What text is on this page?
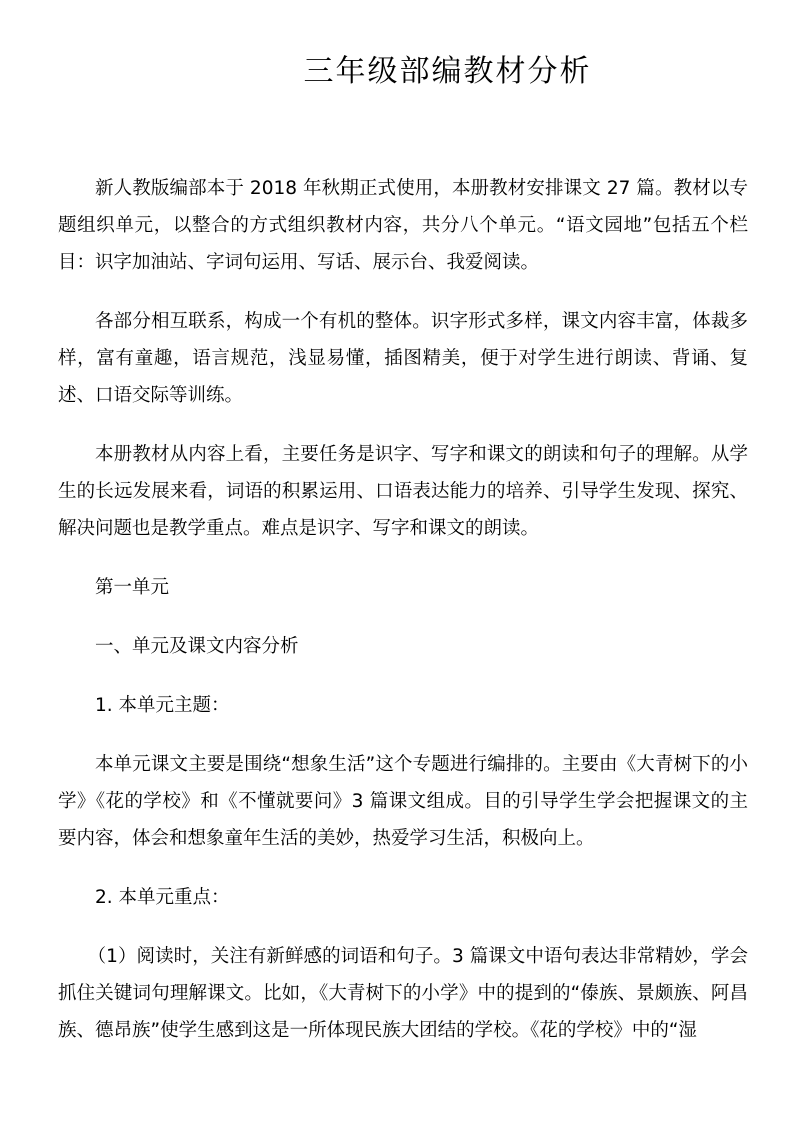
三年级部编教材分析

新人教版编部本于 2018 年秋期正式使用，本册教材安排课文 27 篇。教材以专题组织单元，以整合的方式组织教材内容，共分八个单元。“语文园地”包括五个栏目：识字加油站、字词句运用、写话、展示台、我爱阅读。

各部分相互联系，构成一个有机的整体。识字形式多样，课文内容丰富，体裁多样，富有童趣，语言规范，浅显易懂，插图精美，便于对学生进行朗读、背诵、复述、口语交际等训练。

本册教材从内容上看，主要任务是识字、写字和课文的朗读和句子的理解。从学生的长远发展来看，词语的积累运用、口语表达能力的培养、引导学生发现、探究、解决问题也是教学重点。难点是识字、写字和课文的朗读。

第一单元

一、单元及课文内容分析

1. 本单元主题：

本单元课文主要是围绕“想象生活”这个专题进行编排的。主要由《大青树下的小学》《花的学校》和《不懂就要问》3 篇课文组成。目的引导学生学会把握课文的主要内容，体会和想象童年生活的美妙，热爱学习生活，积极向上。

2. 本单元重点：

（1）阅读时，关注有新鲜感的词语和句子。3 篇课文中语句表达非常精妙，学会抓住关键词句理解课文。比如，《大青树下的小学》中的提到的“傣族、景颇族、阿昌族、德昂族”使学生感到这是一所体现民族大团结的学校。《花的学校》中的“湿
